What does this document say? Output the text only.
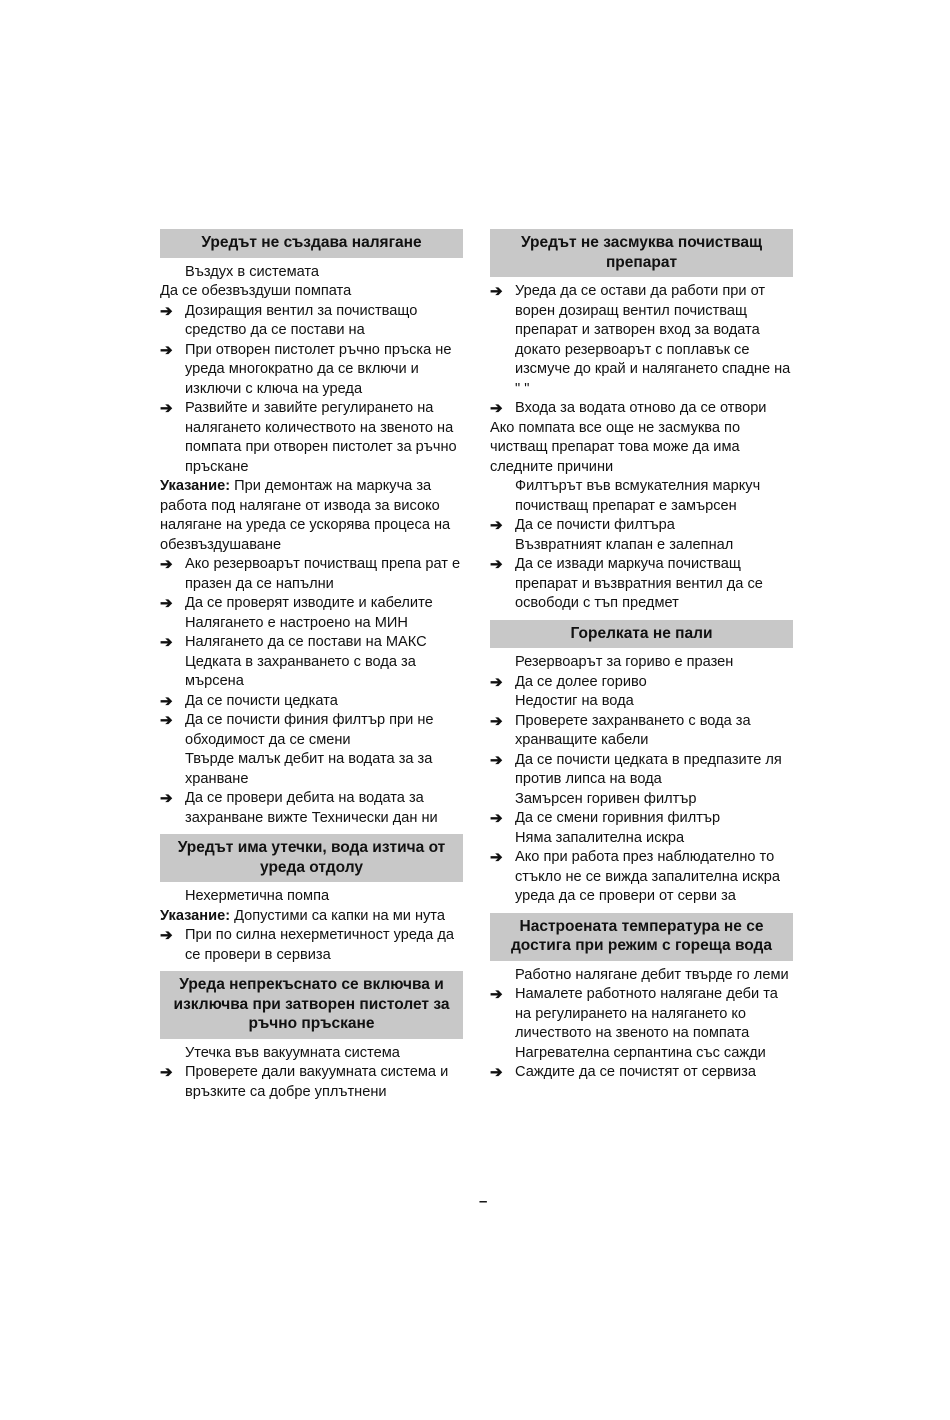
Уредът не създава налягане
Въздух в системата
Да се обезвъздуши помпата
➔ Дозиращия вентил за почистващо средство да се постави на
➔ При отворен пистолет ръчно пръска не уреда многократно да се включи и изключи с ключа на уреда
➔ Развийте и завийте регулирането на налягането количеството на звеното на помпата при отворен пистолет за ръчно пръскане
Указание: При демонтаж на маркуча за работа под налягане от извода за високо налягане на уреда се ускорява процеса на обезвъздушаване
➔ Ако резервоарът почистващ препа рат е празен да се напълни
➔ Да се проверят изводите и кабелите
Налягането е настроено на МИН
➔ Налягането да се постави на МАКС
Цедката в захранването с вода за мърсена
➔ Да се почисти цедката
➔ Да се почисти финия филтър при не обходимост да се смени
Твърде малък дебит на водата за за хранване
➔ Да се провери дебита на водата за захранване вижте Технически дан ни
Уредът има утечки, вода изтича от уреда отдолу
Нехерметична помпа
Указание: Допустими са капки на ми нута
➔ При по силна нехерметичност уреда да се провери в сервиза
Уреда непрекъснато се включва и изключва при затворен пистолет за ръчно пръскане
Утечка във вакуумната система
➔ Проверете дали вакуумната система и връзките са добре уплътнени
Уредът не засмуква почистващ препарат
➔ Уреда да се остави да работи при от ворен дозиращ вентил почистващ препарат и затворен вход за водата докато резервоарът с поплавък се изсмуче до край и налягането спадне на " "
➔ Входа за водата отново да се отвори
Ако помпата все още не засмуква по чистващ препарат това може да има следните причини
Филтърът във всмукателния маркуч почистващ препарат е замърсен
➔ Да се почисти филтъра
Възвратният клапан е залепнал
➔ Да се извади маркуча почистващ препарат и възвратния вентил да се освободи с тъп предмет
Горелката не пали
Резервоарът за гориво е празен
➔ Да се долее гориво
Недостиг на вода
➔ Проверете захранването с вода за хранващите кабели
➔ Да се почисти цедката в предпазите ля против липса на вода
Замърсен горивен филтър
➔ Да се смени горивния филтър
Няма запалителна искра
➔ Ако при работа през наблюдателно то стъкло не се вижда запалителна искра уреда да се провери от серви за
Настроената температура не се достига при режим с гореща вода
Работно налягане дебит твърде го леми
➔ Намалете работното налягане деби та на регулирането на налягането ко личеството на звеното на помпата
Нагревателна серпантина със сажди
➔ Саждите да се почистят от сервиза
–
